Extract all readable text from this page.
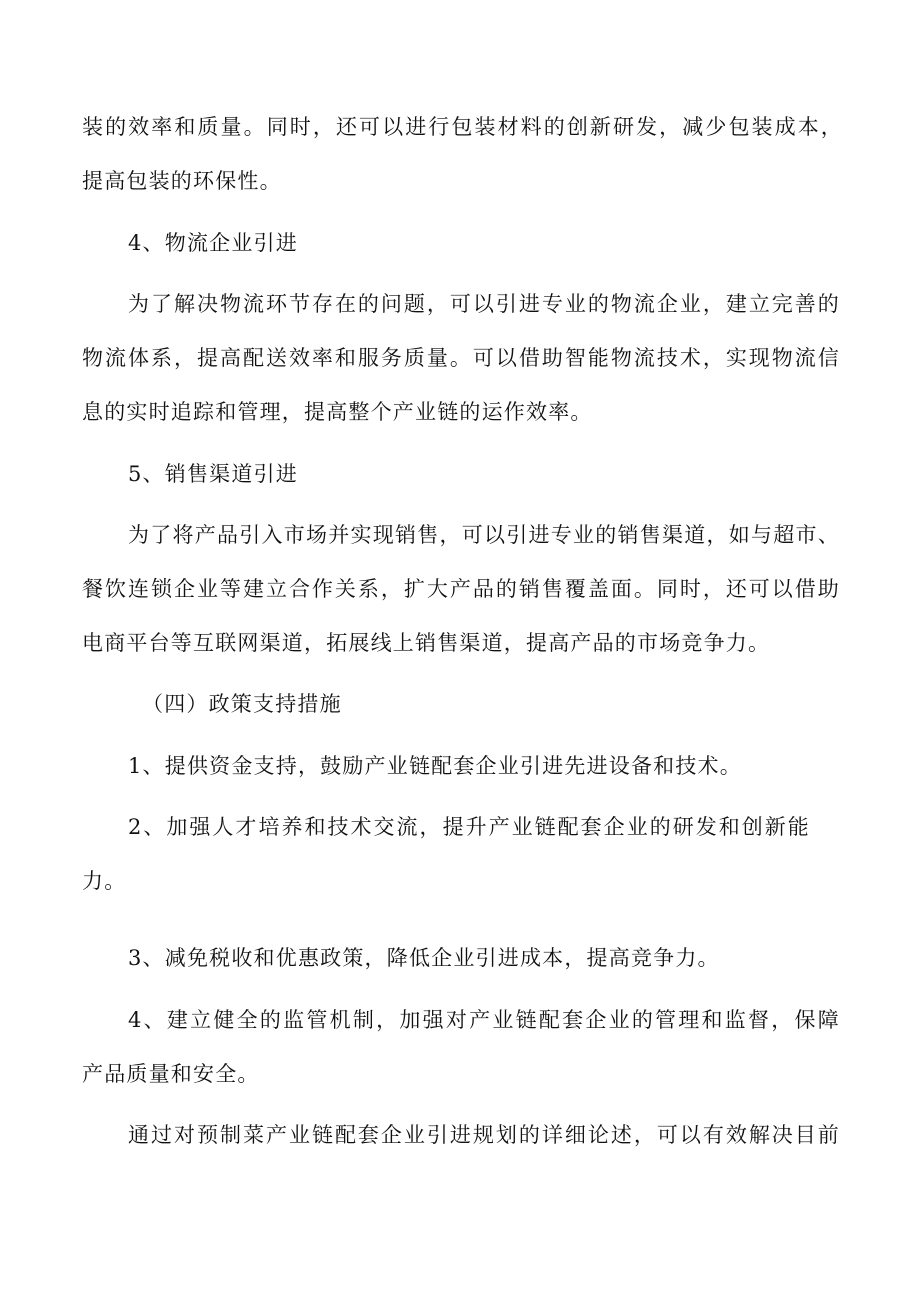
装的效率和质量。同时，还可以进行包装材料的创新研发，减少包装成本，
提高包装的环保性。
4、物流企业引进
为了解决物流环节存在的问题，可以引进专业的物流企业，建立完善的
物流体系，提高配送效率和服务质量。可以借助智能物流技术，实现物流信
息的实时追踪和管理，提高整个产业链的运作效率。
5、销售渠道引进
为了将产品引入市场并实现销售，可以引进专业的销售渠道，如与超市、
餐饮连锁企业等建立合作关系，扩大产品的销售覆盖面。同时，还可以借助
电商平台等互联网渠道，拓展线上销售渠道，提高产品的市场竞争力。
（四）政策支持措施
1、提供资金支持，鼓励产业链配套企业引进先进设备和技术。
2、加强人才培养和技术交流，提升产业链配套企业的研发和创新能
力。
3、减免税收和优惠政策，降低企业引进成本，提高竞争力。
4、建立健全的监管机制，加强对产业链配套企业的管理和监督，保障
产品质量和安全。
通过对预制菜产业链配套企业引进规划的详细论述，可以有效解决目前
